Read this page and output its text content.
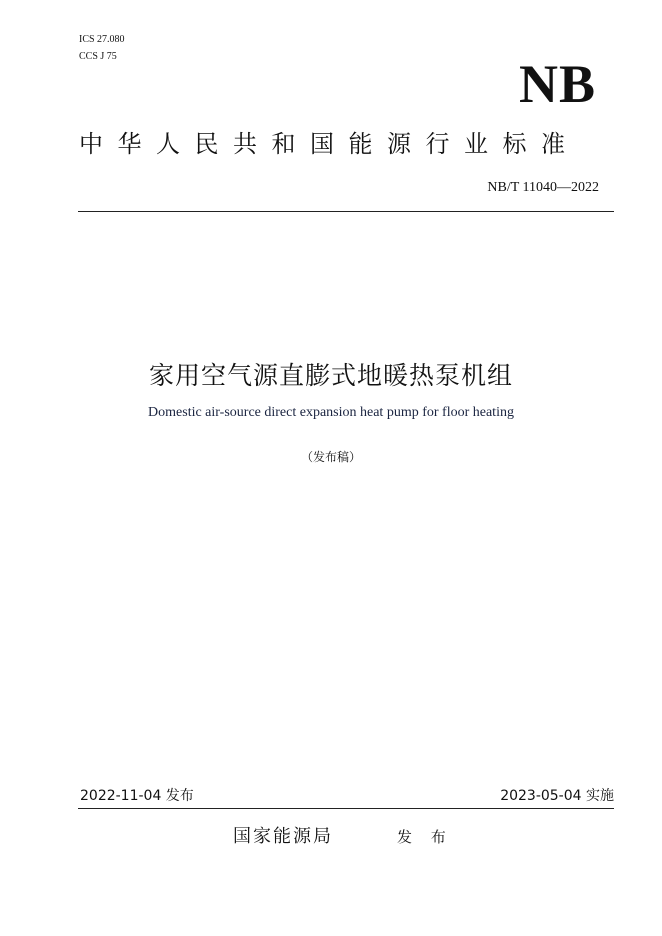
ICS 27.080
CCS J 75	NB
中华人民共和国能源行业标准
NB/T 11040—2022
家用空气源直膨式地暖热泵机组
Domestic air-source direct expansion heat pump for floor heating
（发布稿）
2022-11-04 发布	2023-05-04 实施
国家能源局	发 布
